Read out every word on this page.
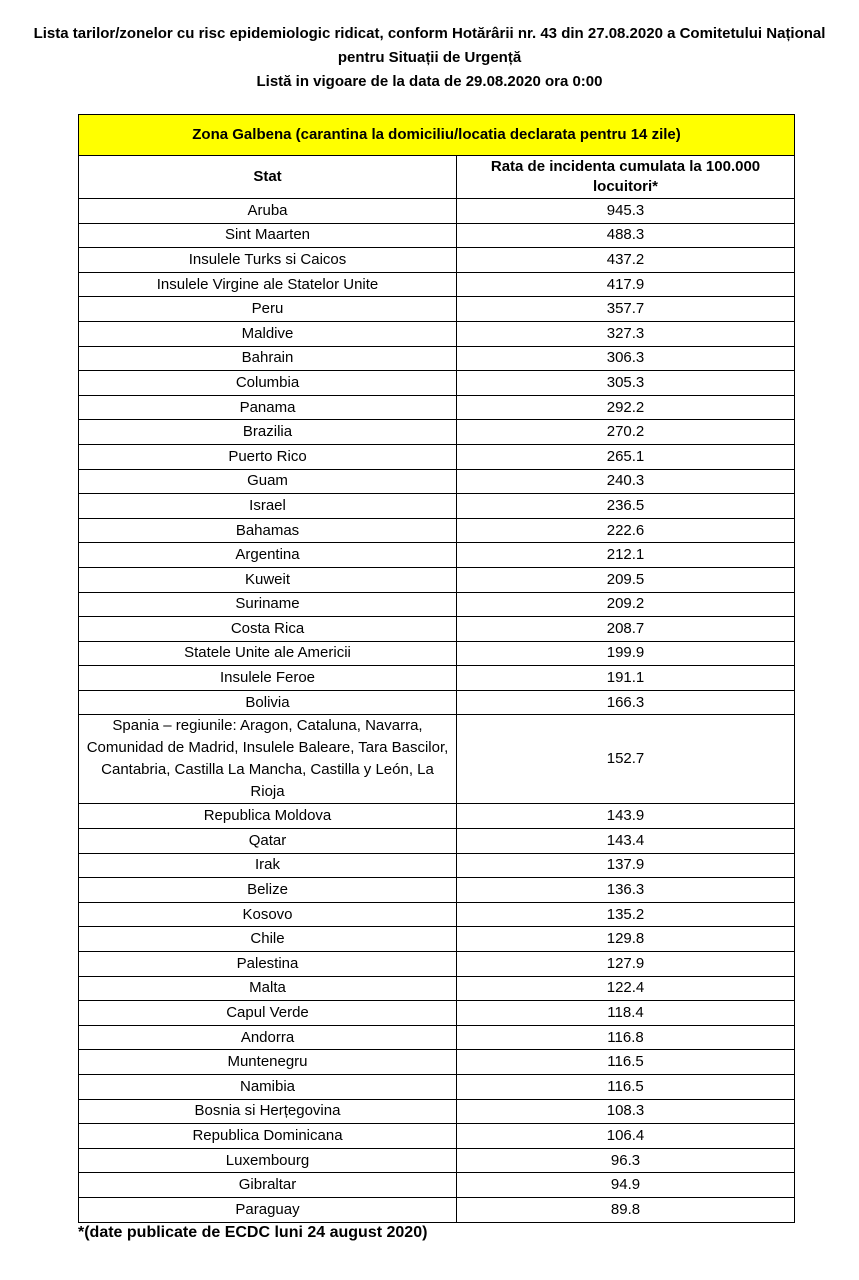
Lista tarilor/zonelor cu risc epidemiologic ridicat, conform Hotărârii nr. 43 din 27.08.2020 a Comitetului Național
pentru Situații de Urgență
Listă in vigoare de la data de 29.08.2020 ora 0:00
Zona Galbena (carantina la domiciliu/locatia declarata pentru 14 zile)	
Stat	Rata de incidenta cumulata la 100.000 locuitori*
Aruba	945.3
Sint Maarten	488.3
Insulele Turks si Caicos	437.2
Insulele Virgine ale Statelor Unite	417.9
Peru	357.7
Maldive	327.3
Bahrain	306.3
Columbia	305.3
Panama	292.2
Brazilia	270.2
Puerto Rico	265.1
Guam	240.3
Israel	236.5
Bahamas	222.6
Argentina	212.1
Kuweit	209.5
Suriname	209.2
Costa Rica	208.7
Statele Unite ale Americii	199.9
Insulele Feroe	191.1
Bolivia	166.3
Spania – regiunile: Aragon, Cataluna, Navarra, Comunidad de Madrid, Insulele Baleare, Tara Bascilor, Cantabria, Castilla La Mancha, Castilla y León, La Rioja	152.7
Republica Moldova	143.9
Qatar	143.4
Irak	137.9
Belize	136.3
Kosovo	135.2
Chile	129.8
Palestina	127.9
Malta	122.4
Capul Verde	118.4
Andorra	116.8
Muntenegru	116.5
Namibia	116.5
Bosnia si Herțegovina	108.3
Republica Dominicana	106.4
Luxembourg	96.3
Gibraltar	94.9
Paraguay	89.8
*(date publicate de ECDC luni 24 august 2020)
